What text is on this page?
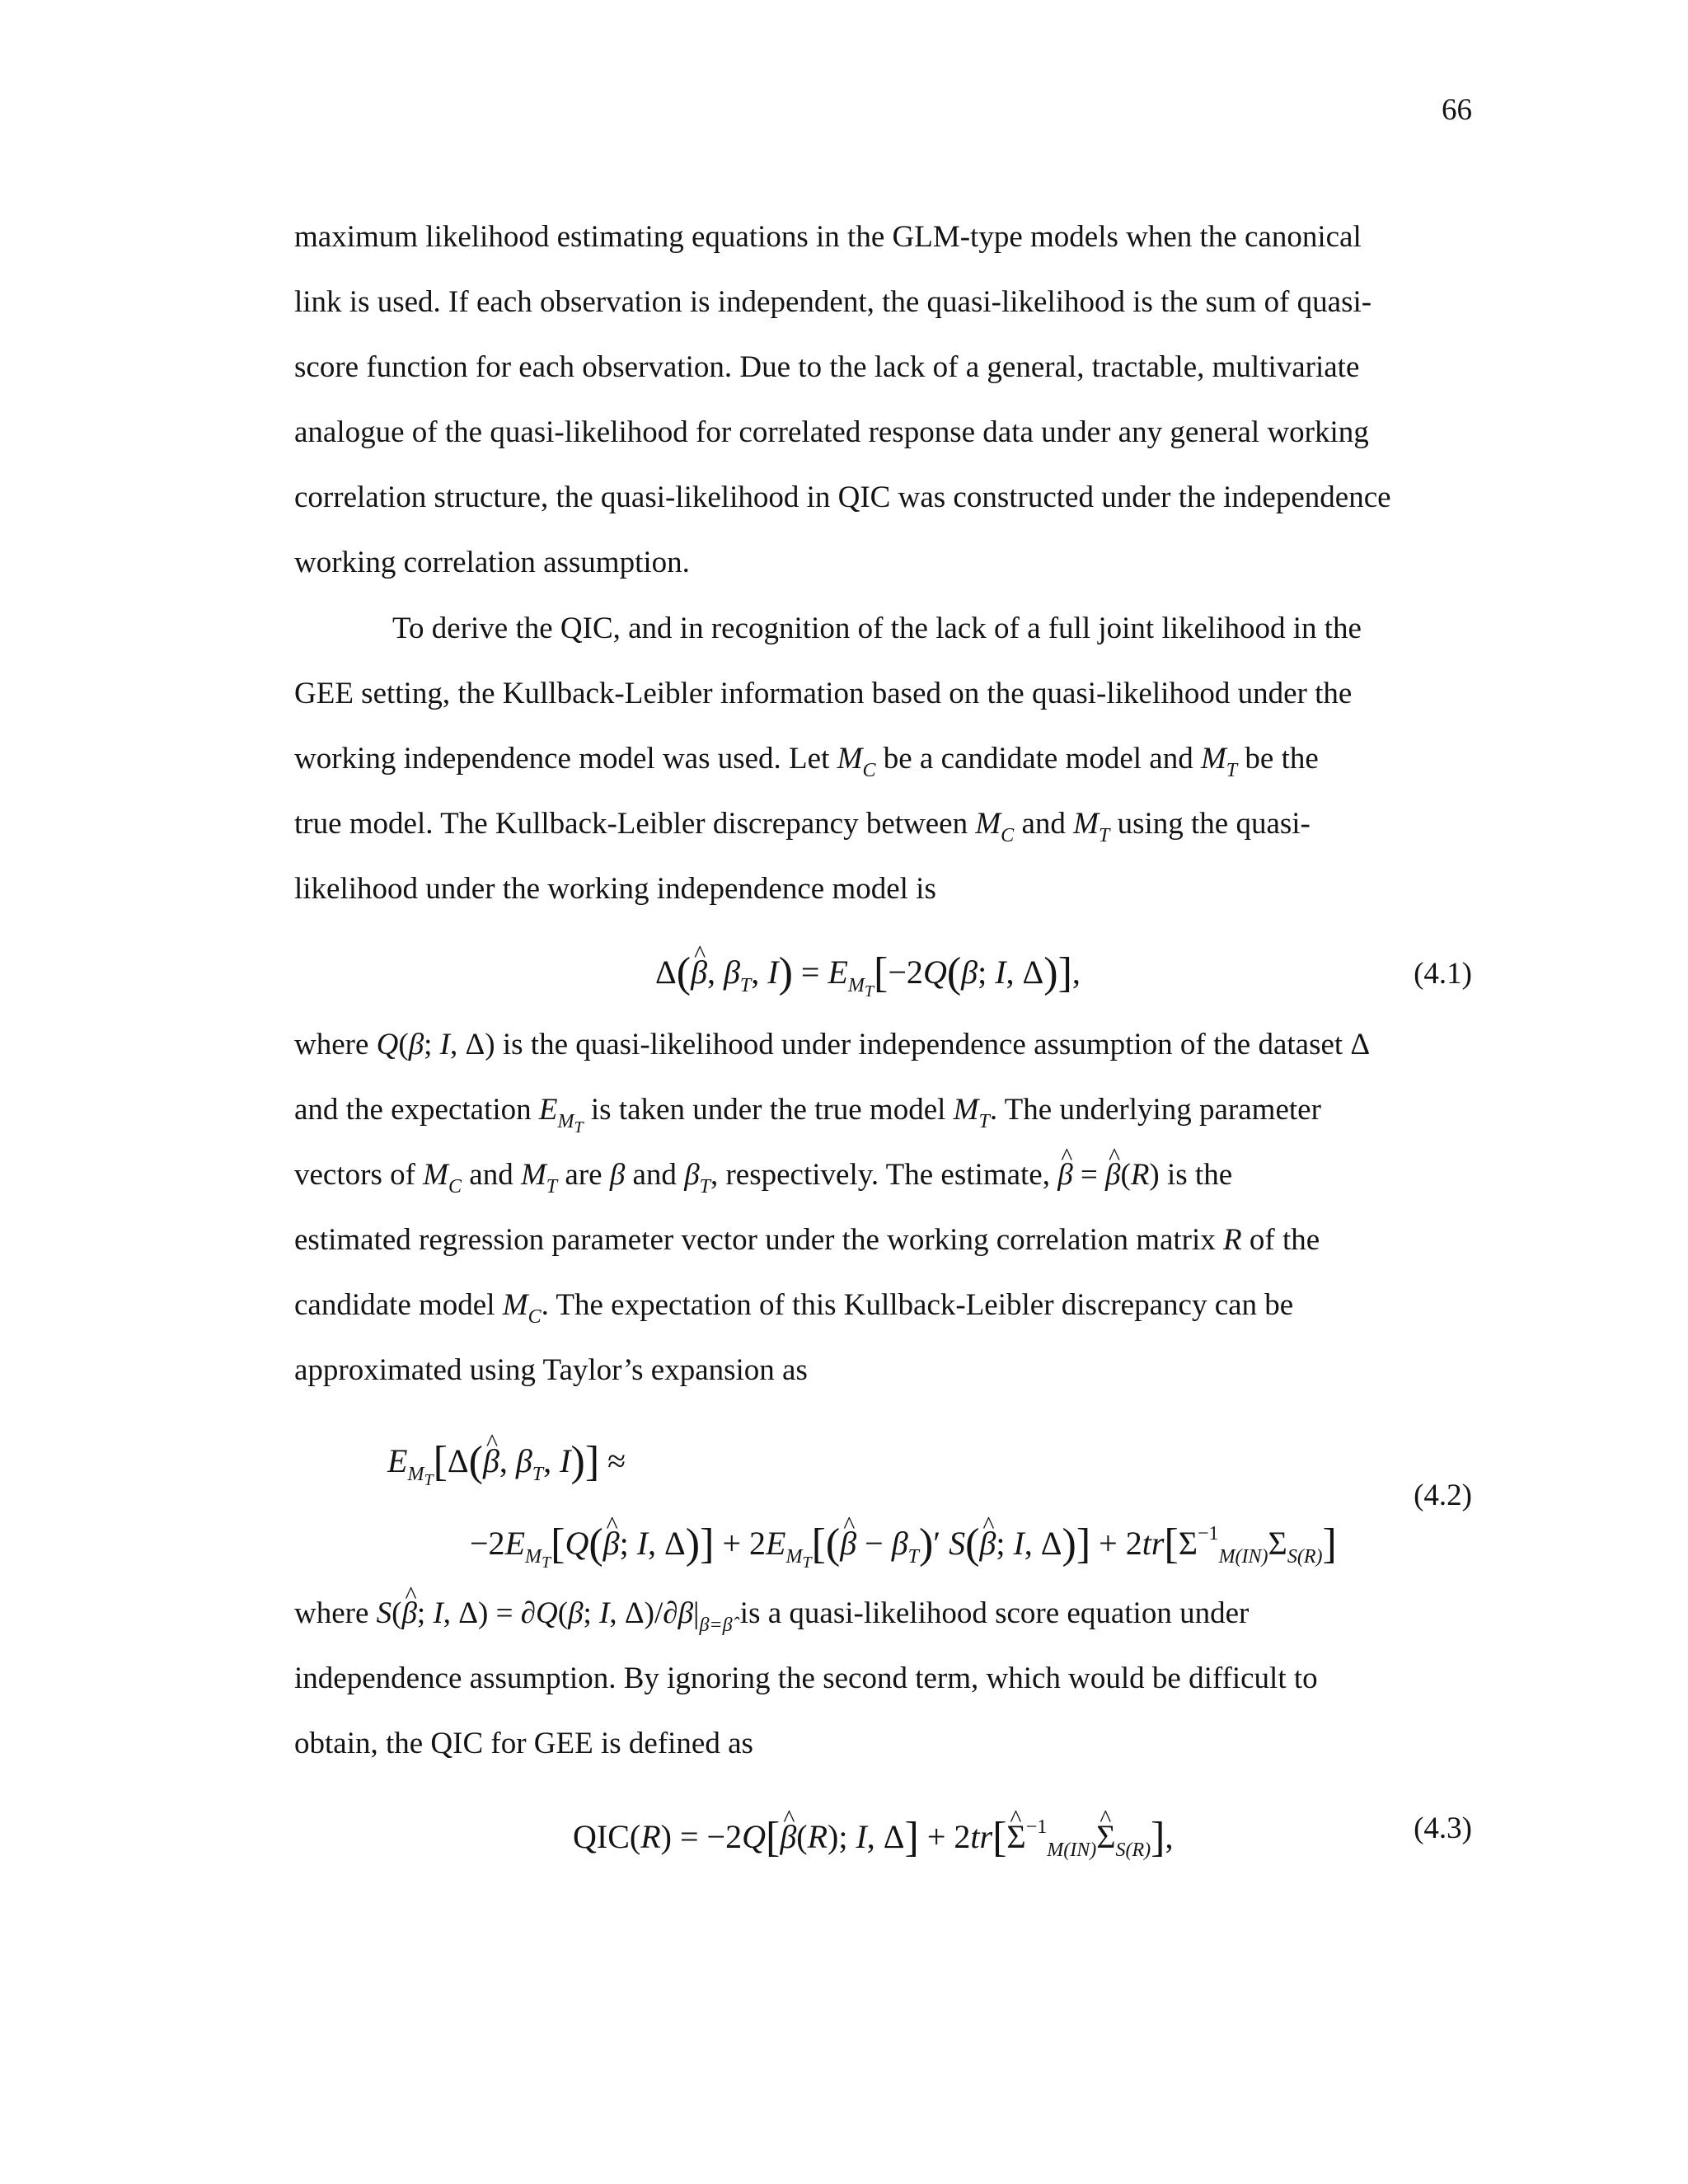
66
maximum likelihood estimating equations in the GLM-type models when the canonical
link is used. If each observation is independent, the quasi-likelihood is the sum of quasi-
score function for each observation. Due to the lack of a general, tractable, multivariate
analogue of the quasi-likelihood for correlated response data under any general working
correlation structure, the quasi-likelihood in QIC was constructed under the independence
working correlation assumption.
To derive the QIC, and in recognition of the lack of a full joint likelihood in the
GEE setting, the Kullback-Leibler information based on the quasi-likelihood under the
working independence model was used. Let $M_C$ be a candidate model and $M_T$ be the
true model. The Kullback-Leibler discrepancy between $M_C$ and $M_T$ using the quasi-
likelihood under the working independence model is
Δ(^ β, $\beta_T$, $I) = E_{M_T}[-2Q(\beta$; I, Δ)],	(4.1)
where Q(β; I, Δ) is the quasi-likelihood under independence assumption of the dataset Δ
and the expectation $E_{M_T}$ is taken under the true model $M_T$. The underlying parameter
vectors of $M_C$ and $M_T$ are β and $\beta_T$, respectively. The estimate, ^ β = ^ β(R) is the
estimated regression parameter vector under the working correlation matrix R of the
candidate model $M_C$. The expectation of this Kullback-Leibler discrepancy can be
approximated using Taylor’s expansion as
$E_{M_T}[\Delta(\^{}$ β, $\beta_T$, I)] ≈
$-2E_{M_T}[Q(\^{}$ β; I, $\Delta)] + 2E_{M_T}[(\^{}$ $\beta - \beta_T)'$ S(^ β; I, $\Delta)] + 2tr[\Sigma^{-1}_{M(IN)}\Sigma_{S(R)}]$
(4.2)
where S(^ β; I, Δ) = ∂Q(β; I, $\Delta)/\partial\beta|_{\beta=\betâ}$ is a quasi-likelihood score equation under
independence assumption. By ignoring the second term, which would be difficult to
obtain, the QIC for GEE is defined as
QIC(R) = −2Q[^ β(R); I, Δ] + 2tr[^ $\Sigma^{-1}_{M(IN)}\^{}$ $\Sigma_{S(R)}$],	(4.3)
